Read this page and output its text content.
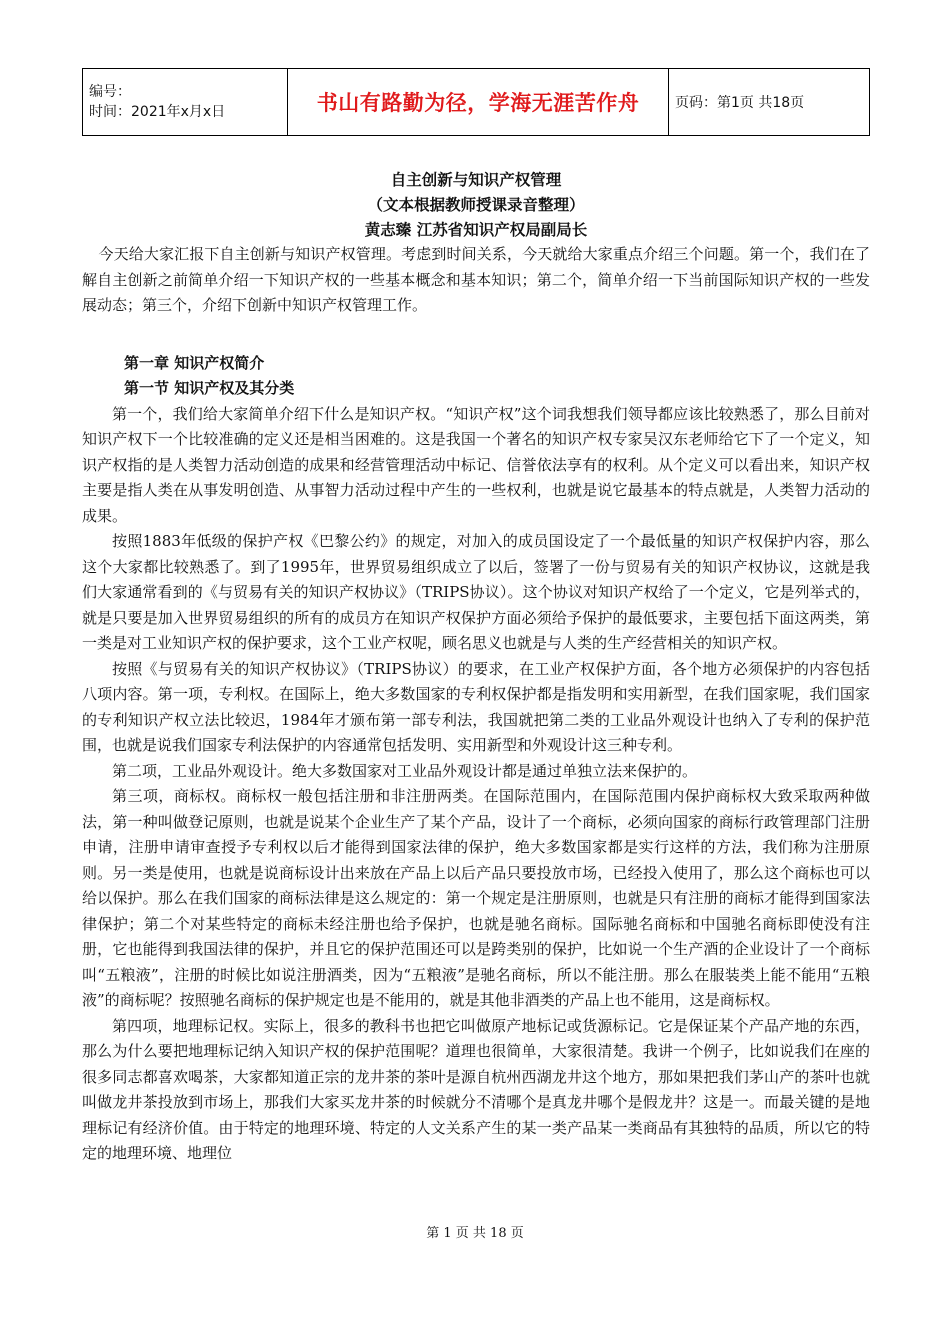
编号：
时间：2021年x月x日	书山有路勤为径，学海无涯苦作舟	页码：第1页 共18页
自主创新与知识产权管理
（文本根据教师授课录音整理）
黄志臻 江苏省知识产权局副局长

今天给大家汇报下自主创新与知识产权管理。考虑到时间关系，今天就给大家重点介绍三个问题。第一个，我们在了解自主创新之前简单介绍一下知识产权的一些基本概念和基本知识；第二个，简单介绍一下当前国际知识产权的一些发展动态；第三个，介绍下创新中知识产权管理工作。

第一章 知识产权简介

第一节 知识产权及其分类

第一个，我们给大家简单介绍下什么是知识产权。“知识产权”这个词我想我们领导都应该比较熟悉了，那么目前对知识产权下一个比较准确的定义还是相当困难的。这是我国一个著名的知识产权专家吴汉东老师给它下了一个定义，知识产权指的是人类智力活动创造的成果和经营管理活动中标记、信誉依法享有的权利。从个定义可以看出来，知识产权主要是指人类在从事发明创造、从事智力活动过程中产生的一些权利，也就是说它最基本的特点就是，人类智力活动的成果。

按照1883年低级的保护产权《巴黎公约》的规定，对加入的成员国设定了一个最低量的知识产权保护内容，那么这个大家都比较熟悉了。到了1995年，世界贸易组织成立了以后，签署了一份与贸易有关的知识产权协议，这就是我们大家通常看到的《与贸易有关的知识产权协议》（TRIPS协议）。这个协议对知识产权给了一个定义，它是列举式的，就是只要是加入世界贸易组织的所有的成员方在知识产权保护方面必须给予保护的最低要求，主要包括下面这两类，第一类是对工业知识产权的保护要求，这个工业产权呢，顾名思义也就是与人类的生产经营相关的知识产权。

按照《与贸易有关的知识产权协议》（TRIPS协议）的要求，在工业产权保护方面，各个地方必须保护的内容包括八项内容。第一项，专利权。在国际上，绝大多数国家的专利权保护都是指发明和实用新型，在我们国家呢，我们国家的专利知识产权立法比较迟，1984年才颁布第一部专利法，我国就把第二类的工业品外观设计也纳入了专利的保护范围，也就是说我们国家专利法保护的内容通常包括发明、实用新型和外观设计这三种专利。

第二项，工业品外观设计。绝大多数国家对工业品外观设计都是通过单独立法来保护的。

第三项，商标权。商标权一般包括注册和非注册两类。在国际范围内，在国际范围内保护商标权大致采取两种做法，第一种叫做登记原则，也就是说某个企业生产了某个产品，设计了一个商标，必须向国家的商标行政管理部门注册申请，注册申请审查授予专利权以后才能得到国家法律的保护，绝大多数国家都是实行这样的方法，我们称为注册原则。另一类是使用，也就是说商标设计出来放在产品上以后产品只要投放市场，已经投入使用了，那么这个商标也可以给以保护。那么在我们国家的商标法律是这么规定的：第一个规定是注册原则，也就是只有注册的商标才能得到国家法律保护；第二个对某些特定的商标未经注册也给予保护，也就是驰名商标。国际驰名商标和中国驰名商标即使没有注册，它也能得到我国法律的保护，并且它的保护范围还可以是跨类别的保护，比如说一个生产酒的企业设计了一个商标叫“五粮液”，注册的时候比如说注册酒类，因为“五粮液”是驰名商标，所以不能注册。那么在服装类上能不能用“五粮液”的商标呢？按照驰名商标的保护规定也是不能用的，就是其他非酒类的产品上也不能用，这是商标权。

第四项，地理标记权。实际上，很多的教科书也把它叫做原产地标记或货源标记。它是保证某个产品产地的东西，那么为什么要把地理标记纳入知识产权的保护范围呢？道理也很简单，大家很清楚。我讲一个例子，比如说我们在座的很多同志都喜欢喝茶，大家都知道正宗的龙井茶的茶叶是源自杭州西湖龙井这个地方，那如果把我们茅山产的茶叶也就叫做龙井茶投放到市场上，那我们大家买龙井茶的时候就分不清哪个是真龙井哪个是假龙井？这是一。而最关键的是地理标记有经济价值。由于特定的地理环境、特定的人文关系产生的某一类产品某一类商品有其独特的品质，所以它的特定的地理环境、地理位

第 1 页 共 18 页
